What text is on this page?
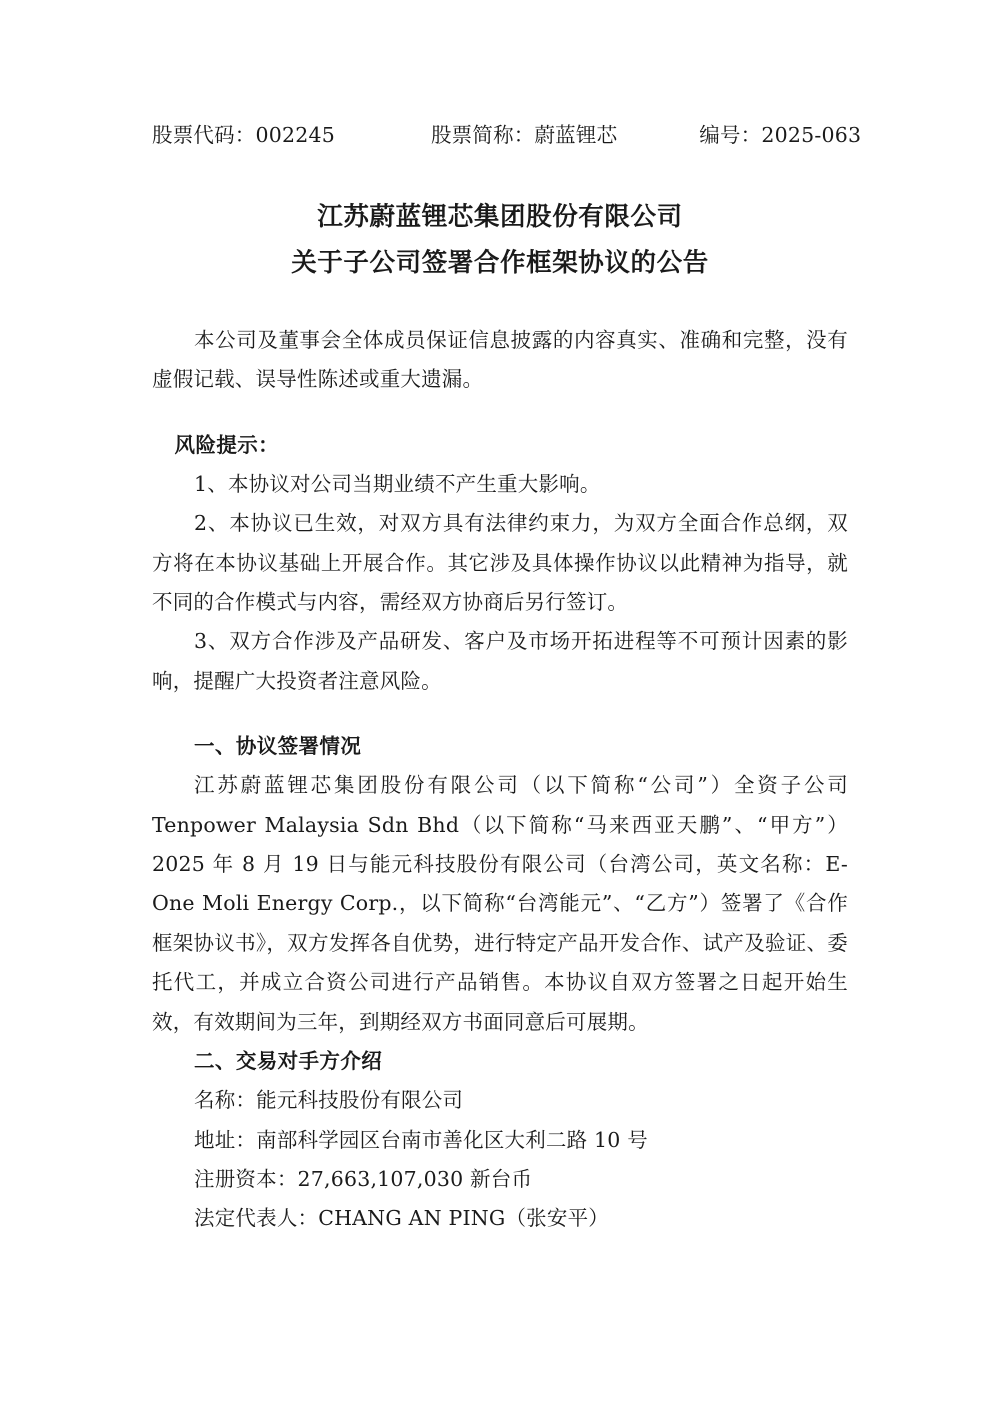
股票代码：002245	股票简称：蔚蓝锂芯	编号：2025-063
江苏蔚蓝锂芯集团股份有限公司
关于子公司签署合作框架协议的公告

本公司及董事会全体成员保证信息披露的内容真实、准确和完整，没有虚假记载、误导性陈述或重大遗漏。

风险提示：

1、本协议对公司当期业绩不产生重大影响。

2、本协议已生效，对双方具有法律约束力，为双方全面合作总纲，双方将在本协议基础上开展合作。其它涉及具体操作协议以此精神为指导，就不同的合作模式与内容，需经双方协商后另行签订。

3、双方合作涉及产品研发、客户及市场开拓进程等不可预计因素的影响，提醒广大投资者注意风险。

一、协议签署情况

江苏蔚蓝锂芯集团股份有限公司（以下简称“公司”）全资子公司 Tenpower Malaysia Sdn Bhd（以下简称“马来西亚天鹏”、“甲方”）2025 年 8 月 19 日与能元科技股份有限公司（台湾公司，英文名称：E-One Moli Energy Corp.，以下简称“台湾能元”、“乙方”）签署了《合作框架协议书》，双方发挥各自优势，进行特定产品开发合作、试产及验证、委托代工，并成立合资公司进行产品销售。本协议自双方签署之日起开始生效，有效期间为三年，到期经双方书面同意后可展期。

二、交易对手方介绍

名称：能元科技股份有限公司

地址：南部科学园区台南市善化区大利二路 10 号

注册资本：27,663,107,030 新台币

法定代表人：CHANG AN PING（张安平）
